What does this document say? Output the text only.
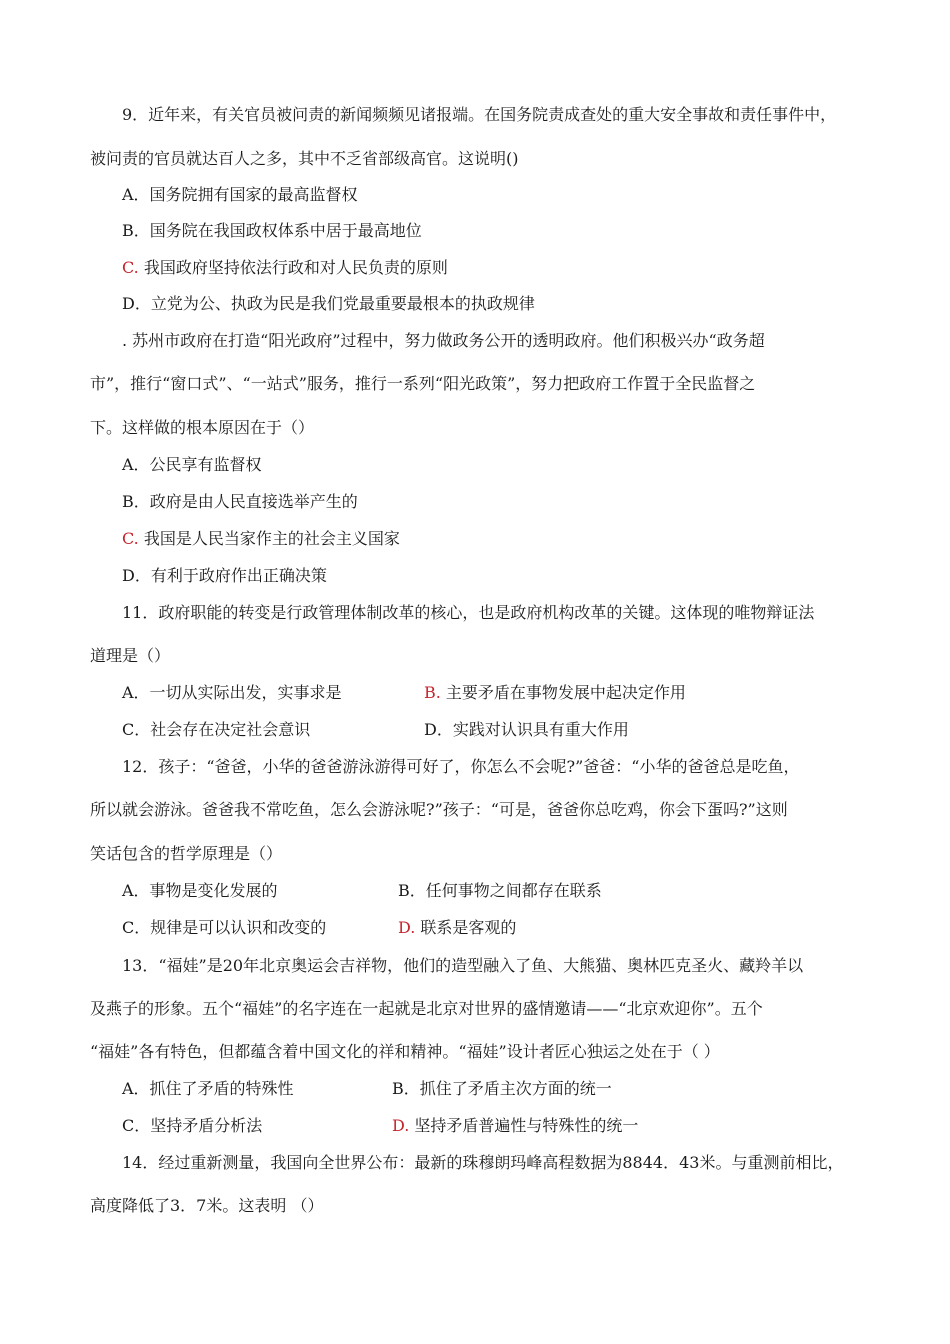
9．近年来，有关官员被问责的新闻频频见诸报端。在国务院责成查处的重大安全事故和责任事件中，
被问责的官员就达百人之多，其中不乏省部级高官。这说明()
A．国务院拥有国家的最高监督权
B．国务院在我国政权体系中居于最高地位
C. 我国政府坚持依法行政和对人民负责的原则
D．立党为公、执政为民是我们党最重要最根本的执政规律
. 苏州市政府在打造“阳光政府”过程中，努力做政务公开的透明政府。他们积极兴办“政务超
市”，推行“窗口式”、“一站式”服务，推行一系列“阳光政策”，努力把政府工作置于全民监督之
下。这样做的根本原因在于（）
A．公民享有监督权
B．政府是由人民直接选举产生的
C. 我国是人民当家作主的社会主义国家
D．有利于政府作出正确决策
11．政府职能的转变是行政管理体制改革的核心，也是政府机构改革的关键。这体现的唯物辩证法
道理是（）
A．一切从实际出发，实事求是	B. 主要矛盾在事物发展中起决定作用
C．社会存在决定社会意识	D．实践对认识具有重大作用
12．孩子：“爸爸，小华的爸爸游泳游得可好了，你怎么不会呢?”爸爸：“小华的爸爸总是吃鱼，
所以就会游泳。爸爸我不常吃鱼，怎么会游泳呢?”孩子：“可是，爸爸你总吃鸡，你会下蛋吗?”这则
笑话包含的哲学原理是（）
A．事物是变化发展的	B．任何事物之间都存在联系
C．规律是可以认识和改变的	D. 联系是客观的
13．“福娃”是20年北京奥运会吉祥物，他们的造型融入了鱼、大熊猫、奥林匹克圣火、藏羚羊以
及燕子的形象。五个“福娃”的名字连在一起就是北京对世界的盛情邀请——“北京欢迎你”。五个
“福娃”各有特色，但都蕴含着中国文化的祥和精神。“福娃”设计者匠心独运之处在于（ ）
A．抓住了矛盾的特殊性	B．抓住了矛盾主次方面的统一
C．坚持矛盾分析法	D. 坚持矛盾普遍性与特殊性的统一
14．经过重新测量，我国向全世界公布：最新的珠穆朗玛峰高程数据为8844．43米。与重测前相比，
高度降低了3．7米。这表明 （）
